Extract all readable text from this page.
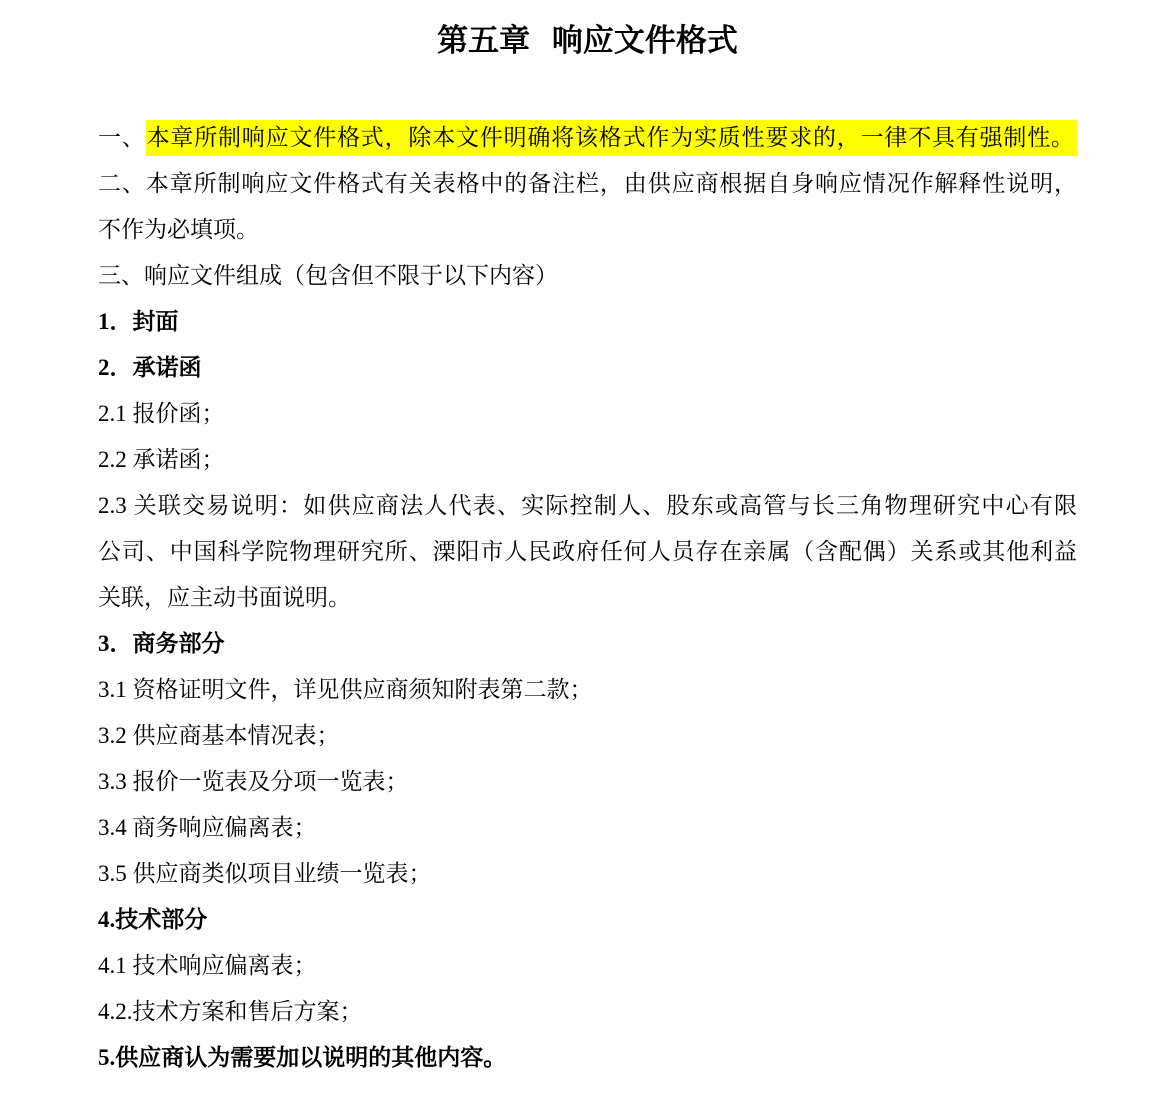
第五章 响应文件格式
一、本章所制响应文件格式，除本文件明确将该格式作为实质性要求的，一律不具有强制性。
二、本章所制响应文件格式有关表格中的备注栏，由供应商根据自身响应情况作解释性说明，
不作为必填项。
三、响应文件组成（包含但不限于以下内容）
1．封面
2．承诺函
2.1 报价函；
2.2 承诺函；
2.3 关联交易说明：如供应商法人代表、实际控制人、股东或高管与长三角物理研究中心有限
公司、中国科学院物理研究所、溧阳市人民政府任何人员存在亲属（含配偶）关系或其他利益
关联，应主动书面说明。
3．商务部分
3.1 资格证明文件，详见供应商须知附表第二款；
3.2 供应商基本情况表；
3.3 报价一览表及分项一览表；
3.4 商务响应偏离表；
3.5 供应商类似项目业绩一览表；
4.技术部分
4.1 技术响应偏离表；
4.2.技术方案和售后方案；
5.供应商认为需要加以说明的其他内容。
